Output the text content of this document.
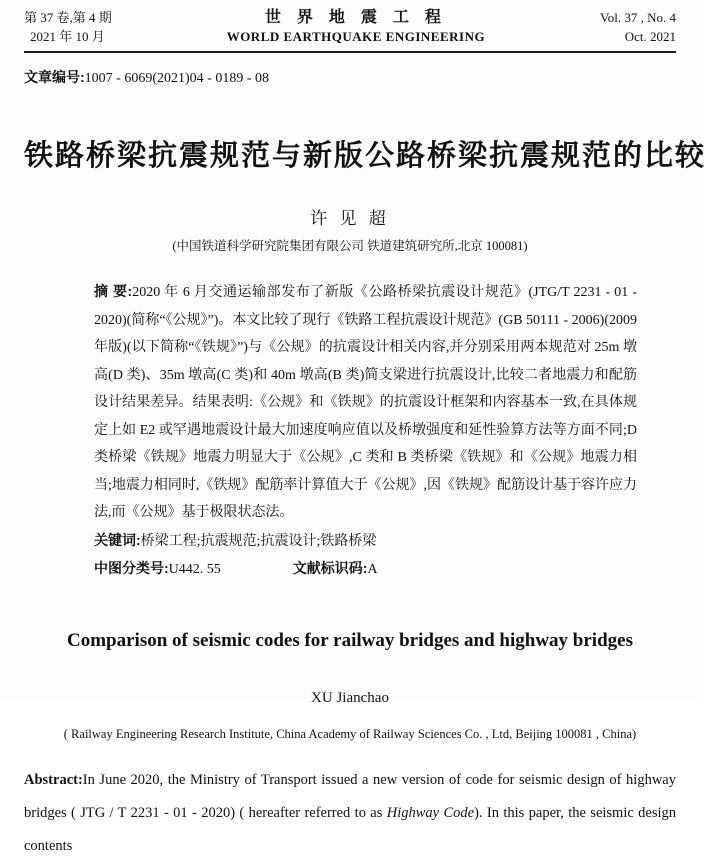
第 37 卷,第 4 期
2021 年 10 月
世 界 地 震 工 程
WORLD EARTHQUAKE ENGINEERING
Vol. 37 , No. 4
Oct. 2021
文章编号:1007 - 6069(2021)04 - 0189 - 08
铁路桥梁抗震规范与新版公路桥梁抗震规范的比较
许 见 超
(中国铁道科学研究院集团有限公司 铁道建筑研究所,北京 100081)
摘 要:2020 年 6 月交通运输部发布了新版《公路桥梁抗震设计规范》(JTG/T 2231 - 01 - 2020)(简称“《公规》”)。本文比较了现行《铁路工程抗震设计规范》(GB 50111 - 2006)(2009 年版)(以下简称“《铁规》”)与《公规》的抗震设计相关内容,并分别采用两本规范对 25m 墩高(D 类)、35m 墩高(C 类)和 40m 墩高(B 类)简支梁进行抗震设计,比较二者地震力和配筋设计结果差异。结果表明:《公规》和《铁规》的抗震设计框架和内容基本一致,在具体规定上如 E2 或罕遇地震设计最大加速度响应值以及桥墩强度和延性验算方法等方面不同;D 类桥梁《铁规》地震力明显大于《公规》,C 类和 B 类桥梁《铁规》和《公规》地震力相当;地震力相同时,《铁规》配筋率计算值大于《公规》,因《铁规》配筋设计基于容许应力法,而《公规》基于极限状态法。
关键词:桥梁工程;抗震规范;抗震设计;铁路桥梁
中图分类号:U442. 55	文献标识码:A
Comparison of seismic codes for railway bridges and highway bridges
XU Jianchao
( Railway Engineering Research Institute, China Academy of Railway Sciences Co. , Ltd, Beijing 100081 , China)
Abstract:In June 2020, the Ministry of Transport issued a new version of code for seismic design of highway bridges ( JTG / T 2231 - 01 - 2020) ( hereafter referred to as Highway Code). In this paper, the seismic design contents
